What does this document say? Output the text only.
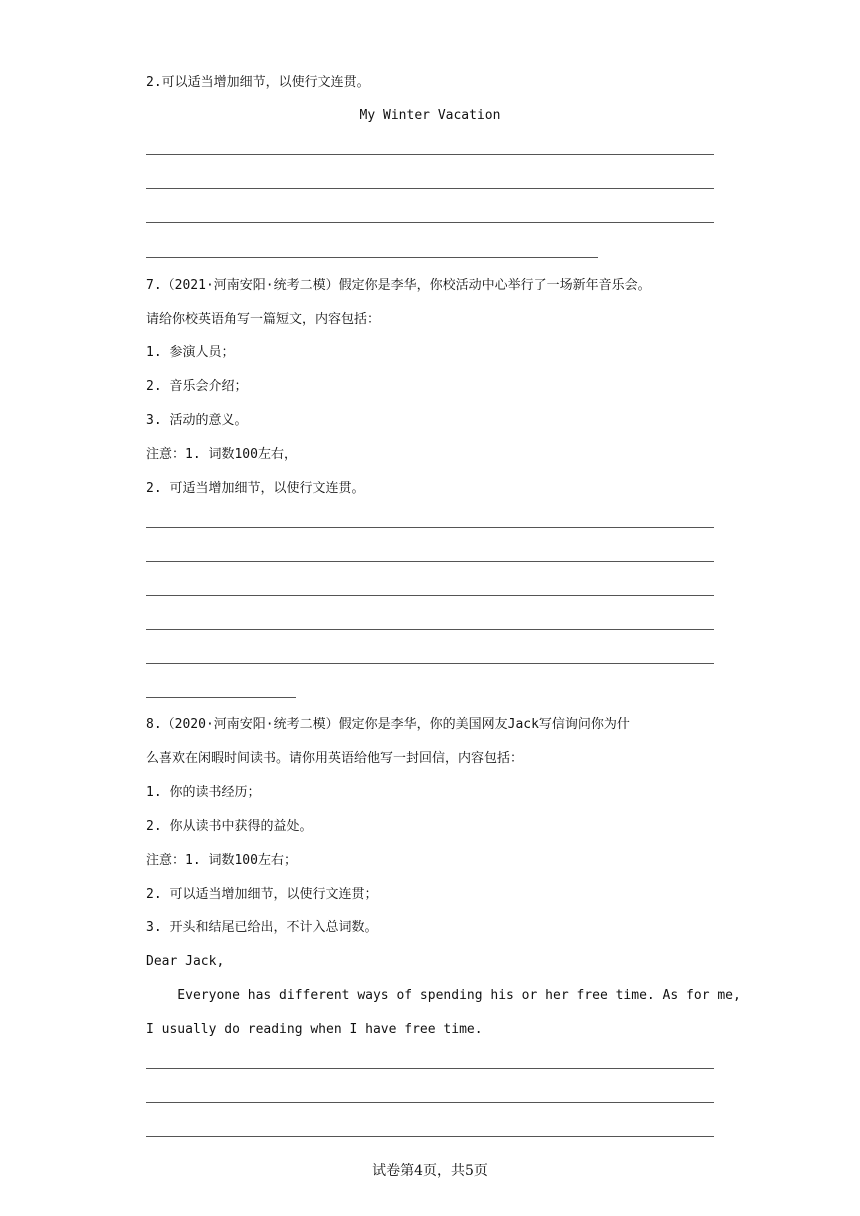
2.可以适当增加细节，以使行文连贯。
My Winter Vacation
7.（2021·河南安阳·统考二模）假定你是李华，你校活动中心举行了一场新年音乐会。
请给你校英语角写一篇短文，内容包括：
1. 参演人员；
2. 音乐会介绍；
3. 活动的意义。
注意：1. 词数100左右，
2. 可适当增加细节，以使行文连贯。
8.（2020·河南安阳·统考二模）假定你是李华，你的美国网友Jack写信询问你为什
么喜欢在闲暇时间读书。请你用英语给他写一封回信，内容包括：
1. 你的读书经历；
2. 你从读书中获得的益处。
注意：1. 词数100左右；
2. 可以适当增加细节，以使行文连贯；
3. 开头和结尾已给出，不计入总词数。
Dear Jack,
Everyone has different ways of spending his or her free time. As for me,
I usually do reading when I have free time.
试卷第4页，共5页
